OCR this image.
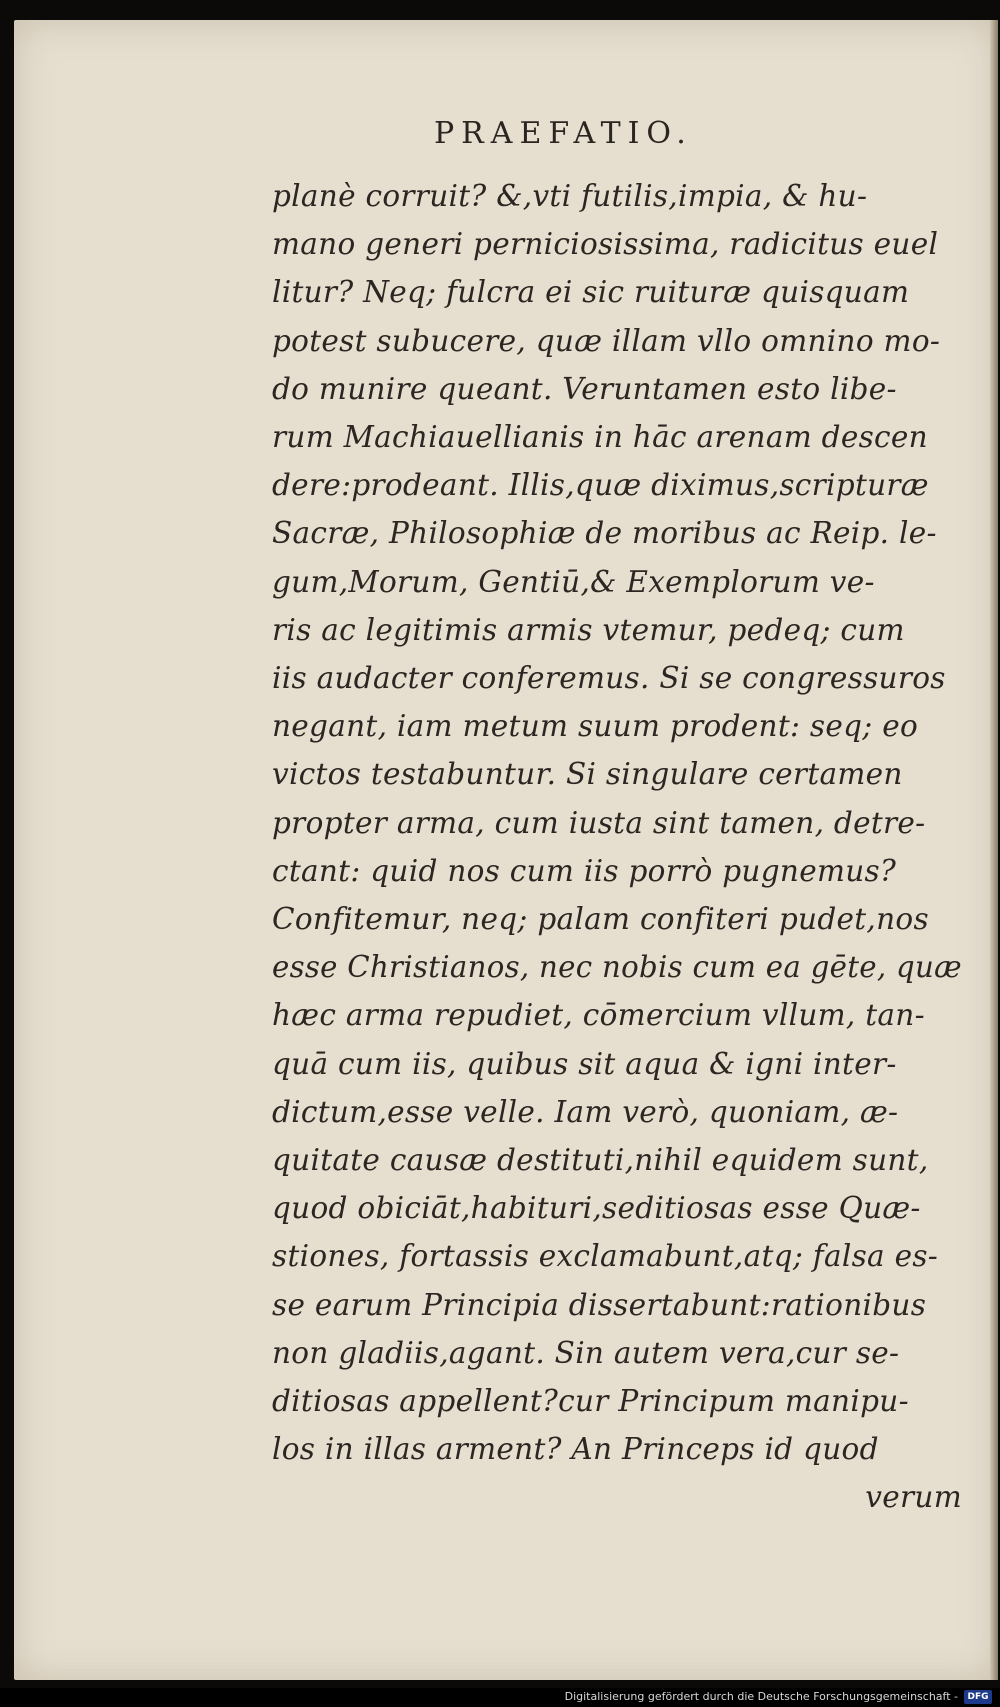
PRAEFATIO.
planè corruit? &,vti futilis,impia, & hu-
mano generi perniciosissima, radicitus euel
litur? Neq; fulcra ei sic ruituræ quisquam
potest subucere, quæ illam vllo omnino mo-
do munire queant. Veruntamen esto libe-
rum Machiauellianis in hāc arenam descen
dere:prodeant. Illis,quæ diximus,scripturæ
Sacræ, Philosophiæ de moribus ac Reip. le-
gum,Morum, Gentiū,& Exemplorum ve-
ris ac legitimis armis vtemur, pedeq; cum
iis audacter conferemus. Si se congressuros
negant, iam metum suum prodent: seq; eo
victos testabuntur. Si singulare certamen
propter arma, cum iusta sint tamen, detre-
ctant: quid nos cum iis porrò pugnemus?
Confitemur, neq; palam confiteri pudet,nos
esse Christianos, nec nobis cum ea gēte, quæ
hæc arma repudiet, cōmercium vllum, tan-
quā cum iis, quibus sit aqua & igni inter-
dictum,esse velle. Iam verò, quoniam, æ-
quitate causæ destituti,nihil equidem sunt,
quod obiciāt,habituri,seditiosas esse Quæ-
stiones, fortassis exclamabunt,atq; falsa es-
se earum Principia dissertabunt:rationibus
non gladiis,agant. Sin autem vera,cur se-
ditiosas appellent?cur Principum manipu-
los in illas arment? An Princeps id quod
verum
Digitalisierung gefördert durch die Deutsche Forschungsgemeinschaft -	DFG
